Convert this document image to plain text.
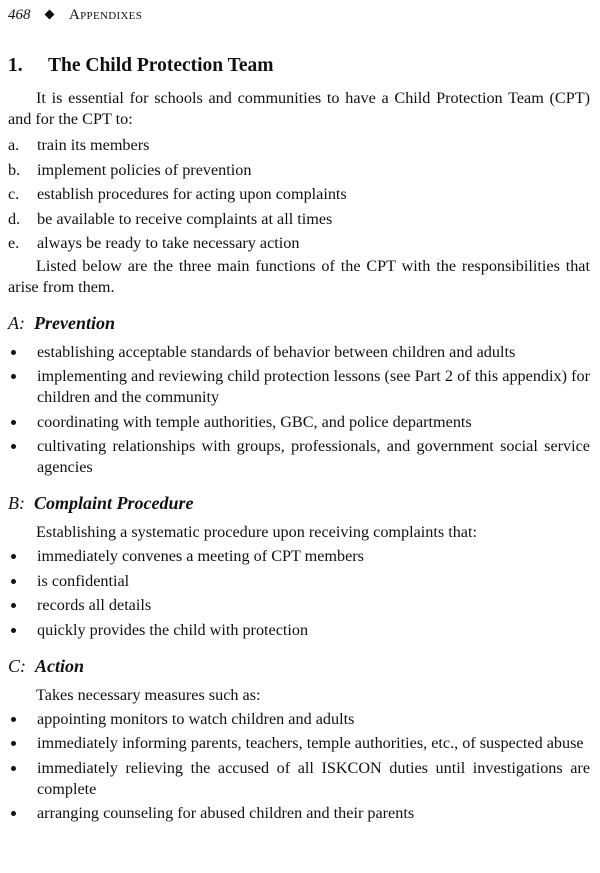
468	Appendixes
1. The Child Protection Team

It is essential for schools and communities to have a Child Protection Team (CPT) and for the CPT to:

a.	train its members
b.	implement policies of prevention
c.	establish procedures for acting upon complaints
d.	be available to receive complaints at all times
e.	always be ready to take necessary action

Listed below are the three main functions of the CPT with the responsibilities that arise from them.

A: Prevention
establishing acceptable standards of behavior between children and adults
implementing and reviewing child protection lessons (see Part 2 of this appendix) for children and the community
coordinating with temple authorities, GBC, and police departments
cultivating relationships with groups, professionals, and government social service agencies
B: Complaint Procedure

Establishing a systematic procedure upon receiving complaints that:

immediately convenes a meeting of CPT members
is confidential
records all details
quickly provides the child with protection
C: Action

Takes necessary measures such as:

appointing monitors to watch children and adults
immediately informing parents, teachers, temple authorities, etc., of suspected abuse
immediately relieving the accused of all ISKCON duties until investigations are complete
arranging counseling for abused children and their parents
